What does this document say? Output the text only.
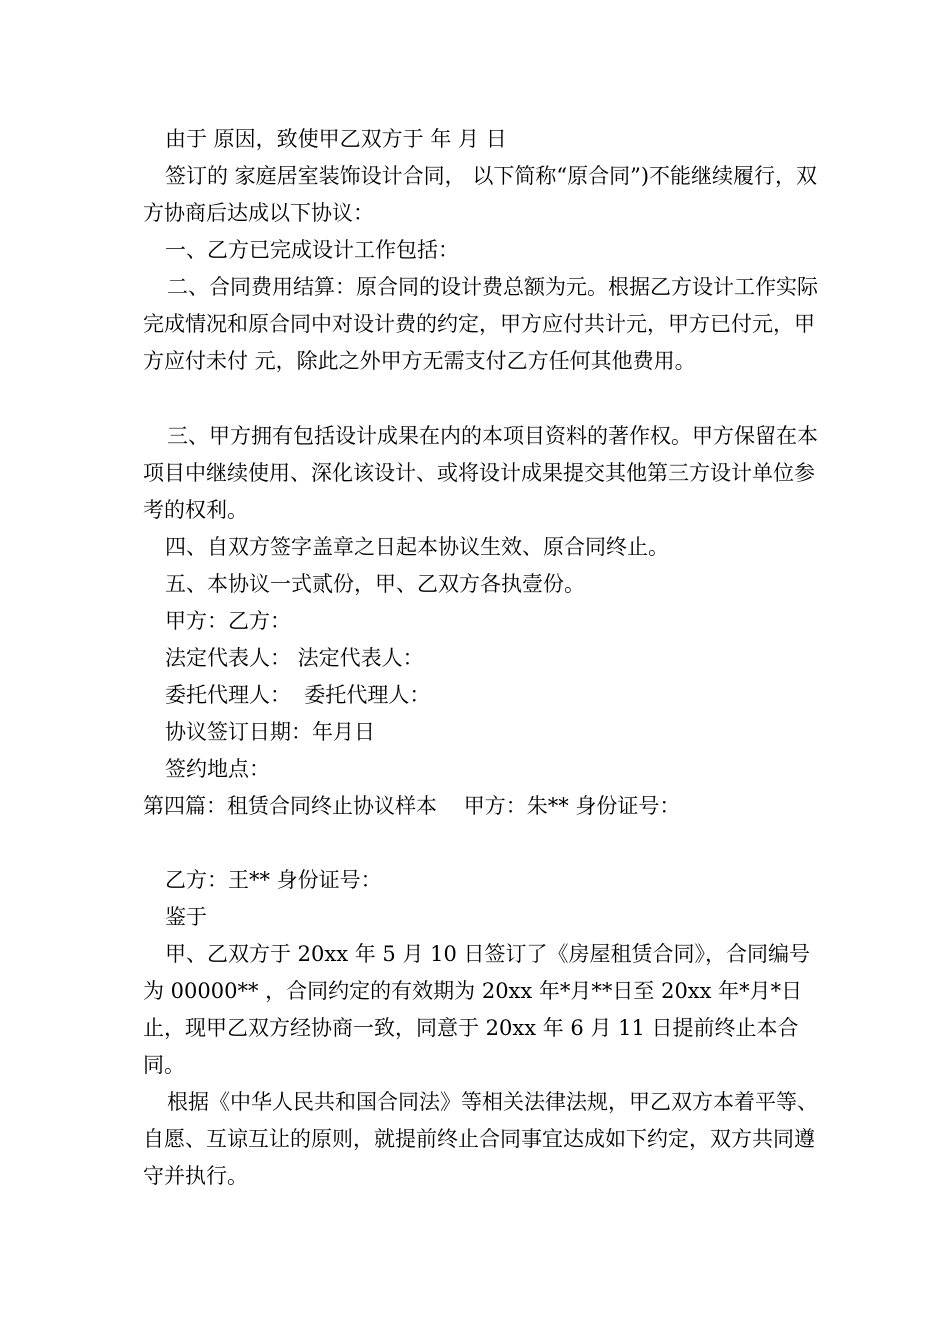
由于 原因，致使甲乙双方于 年 月 日

签订的 家庭居室装饰设计合同， 以下简称“原合同”)不能继续履行，双方协商后达成以下协议：

一、乙方已完成设计工作包括：

二、合同费用结算：原合同的设计费总额为元。根据乙方设计工作实际完成情况和原合同中对设计费的约定，甲方应付共计元，甲方已付元，甲方应付未付 元，除此之外甲方无需支付乙方任何其他费用。

三、甲方拥有包括设计成果在内的本项目资料的著作权。甲方保留在本项目中继续使用、深化该设计、或将设计成果提交其他第三方设计单位参考的权利。

四、自双方签字盖章之日起本协议生效、原合同终止。

五、本协议一式贰份，甲、乙双方各执壹份。

甲方：乙方：

法定代表人： 法定代表人：

委托代理人：  委托代理人：

协议签订日期：年月日

签约地点：

第四篇：租赁合同终止协议样本    甲方：朱** 身份证号：

乙方：王** 身份证号：

鉴于

甲、乙双方于 20xx 年 5 月 10 日签订了《房屋租赁合同》，合同编号为 00000** ，合同约定的有效期为 20xx 年*月**日至 20xx 年*月*日止，现甲乙双方经协商一致，同意于 20xx 年 6 月 11 日提前终止本合同。

根据《中华人民共和国合同法》等相关法律法规，甲乙双方本着平等、自愿、互谅互让的原则，就提前终止合同事宜达成如下约定，双方共同遵守并执行。
